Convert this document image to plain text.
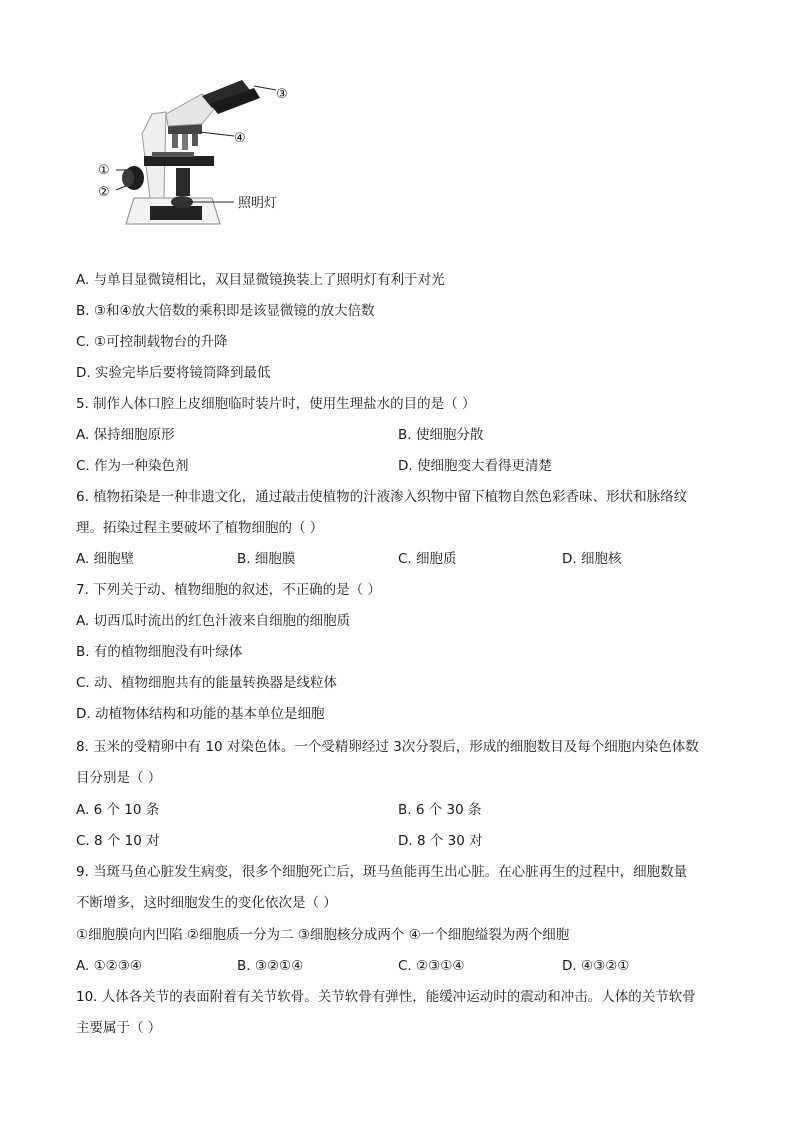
③
④
①
②
照明灯
A. 与单目显微镜相比，双目显微镜换装上了照明灯有利于对光
B. ③和④放大倍数的乘积即是该显微镜的放大倍数
C. ①可控制载物台的升降
D. 实验完毕后要将镜筒降到最低
5. 制作人体口腔上皮细胞临时装片时，使用生理盐水的目的是（ ）
A. 保持细胞原形	B. 使细胞分散
C. 作为一种染色剂	D. 使细胞变大看得更清楚
6. 植物拓染是一种非遗文化，通过敲击使植物的汁液渗入织物中留下植物自然色彩香味、形状和脉络纹
理。拓染过程主要破坏了植物细胞的（ ）
A. 细胞壁	B. 细胞膜	C. 细胞质	D. 细胞核
7. 下列关于动、植物细胞的叙述，不正确的是（ ）
A. 切西瓜时流出的红色汁液来自细胞的细胞质
B. 有的植物细胞没有叶绿体
C. 动、植物细胞共有的能量转换器是线粒体
D. 动植物体结构和功能的基本单位是细胞
8. 玉米的受精卵中有 10 对染色体。一个受精卵经过 3次分裂后，形成的细胞数目及每个细胞内染色体数
目分别是（ ）
A. 6 个 10 条	B. 6 个 30 条
C. 8 个 10 对	D. 8 个 30 对
9. 当斑马鱼心脏发生病变，很多个细胞死亡后，斑马鱼能再生出心脏。在心脏再生的过程中，细胞数量
不断增多，这时细胞发生的变化依次是（ ）
①细胞膜向内凹陷 ②细胞质一分为二 ③细胞核分成两个 ④一个细胞缢裂为两个细胞
A. ①②③④	B. ③②①④	C. ②③①④	D. ④③②①
10. 人体各关节的表面附着有关节软骨。关节软骨有弹性，能缓冲运动时的震动和冲击。人体的关节软骨
主要属于（ ）
